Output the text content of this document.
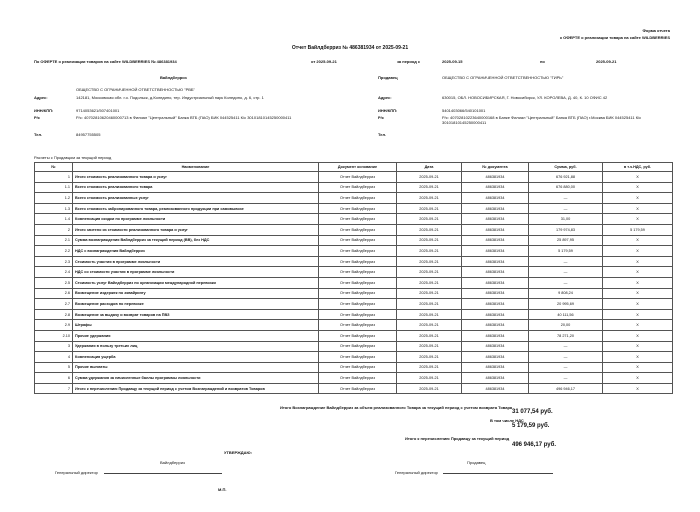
Форма отчета
к ОФЕРТЕ о реализации товара на сайте WILDBERRIES
Отчет Вайлдберриз № 486381934 от 2025-09-21
По ОФЕРТЕ о реализации товаров на сайте WILDBERRIES № 486381934	от 2025-09-21	за период с	2025-09-15	по	2025-09-21
Вайлдберриз
ОБЩЕСТВО С ОГРАНИЧЕННОЙ ОТВЕТСТВЕННОСТЬЮ "РВБ"
Адрес:	142181, Московская обл. г.о. Подольск, д.Коледино, тер. Индустриальный парк Коледино, д. 6, стр. 1
ИНН/КПП:	9714053621/507401001
Р/с	Р/с: 40702810620460000713 в Филиал "Центральный" Банка ВТБ (ПАО) БИК 044525411 К/с 30101810145250000411
Тел.	84957755505
Продавец	ОБЩЕСТВО С ОГРАНИЧЕННОЙ ОТВЕТСТВЕННОСТЬЮ "ГИРЬ"
Адрес:	630015, ОБЛ. НОВОСИБИРСКАЯ, Г. Новосибирск, УЛ. КОРОЛЕВА, Д. 40, К. 10 ОФИС 42
ИНН/КПП:	5401403066/540101001
Р/с	Р/с: 40702810223640000168 в Банке Филиал "Центральный" Банка ВТБ (ПАО) г.Москва БИК 044525411 К/с 30101810145250000411
Тел.
Расчеты с Продавцом за текущий период
№	Наименование	Документ основание	Дата	№ документа	Сумма, руб.	в т.ч.НДС, руб.
1	Итого стоимость реализованного товара и услуг	Отчет Вайлдберриз	2025-09-21	486381934	676 921,88	X
1.1	Всего стоимость реализованного товара	Отчет Вайлдберриз	2025-09-21	486381934	676 880,00	X
1.2	Всего стоимость реализованных услуг	Отчет Вайлдберриз	2025-09-21	486381934	—	X
1.3	Всего стоимость забронированного товара, реализованного продукции при самовывозе	Отчет Вайлдберриз	2025-09-21	486381934	—	X
1.4	Компенсация скидки по программе лояльности	Отчет Вайлдберриз	2025-09-21	486381934	31,00	X
2	Итого зачтено из стоимости реализованного товара и услуг	Отчет Вайлдберриз	2025-09-21	486381934	179 974,83	5 179,59
2.1	Сумма вознаграждения Вайлдберриз за текущий период (ВВ), без НДС	Отчет Вайлдберриз	2025-09-21	486381934	25 897,95	X
2.2	НДС с вознаграждения Вайлдберриз	Отчет Вайлдберриз	2025-09-21	486381934	5 179,59	X
2.3	Стоимость участия в программе лояльности	Отчет Вайлдберриз	2025-09-21	486381934	—	X
2.4	НДС со стоимости участия в программе лояльности	Отчет Вайлдберриз	2025-09-21	486381934	—	X
2.5	Стоимость услуг Вайлдберриз по организации международной перевозки	Отчет Вайлдберриз	2025-09-21	486381934	—	X
2.6	Возмещение издержек по эквайрингу	Отчет Вайлдберриз	2025-09-21	486381934	9 808,24	X
2.7	Возмещение расходов по перевозке	Отчет Вайлдберриз	2025-09-21	486381934	20 995,69	X
2.8	Возмещение за выдачу и возврат товаров на ПВЗ	Отчет Вайлдберриз	2025-09-21	486381934	40 111,56	X
2.9	Штрафы	Отчет Вайлдберриз	2025-09-21	486381934	20,00	X
2.10	Прочие удержания	Отчет Вайлдберриз	2025-09-21	486381934	78 271,20	X
3	Удержания в пользу третьих лиц	Отчет Вайлдберриз	2025-09-21	486381934	—	X
4	Компенсация ущерба	Отчет Вайлдберриз	2025-09-21	486381934	—	X
5	Прочие выплаты	Отчет Вайлдберриз	2025-09-21	486381934	—	X
6	Сумма удержания за начисленные баллы программы лояльности	Отчет Вайлдберриз	2025-09-21	486381934	—	X
7	Итого к перечислению Продавцу за текущий период с учетом Вознаграждений и возвратов Товаров	Отчет Вайлдберриз	2025-09-21	486381934	496 946,17	X
Итого Вознаграждение Вайлдберриз за объем реализованного Товара за текущий период с учетом возврата Товара
31 077,54 руб.
В том числе НДС
5 179,59 руб.
Итого к перечислению Продавцу за текущий период
496 946,17 руб.
УТВЕРЖДАЮ:
Вайлдберриз	Продавец
Генеральный директор	Генеральный директор
М.П.
